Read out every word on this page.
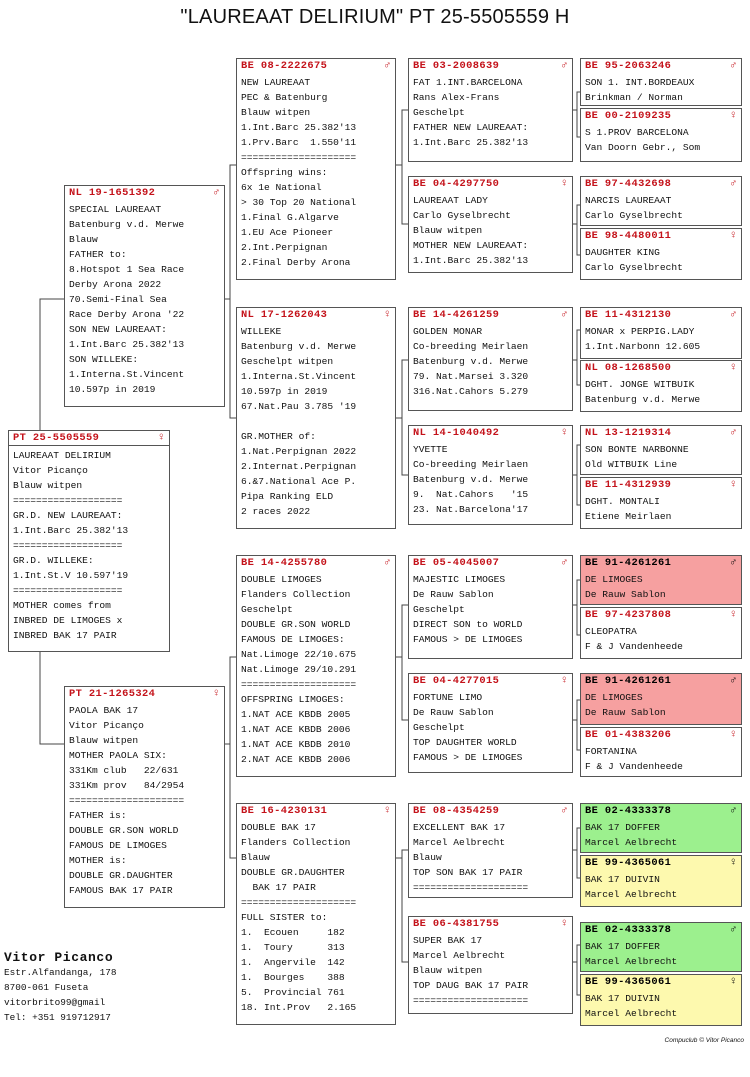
"LAUREAAT DELIRIUM" PT 25-5505559 H
PT 25-5505559	♀
LAUREAAT DELIRIUM
Vitor Picanço
Blauw witpen
===================
GR.D. NEW LAUREAAT:
1.Int.Barc 25.382'13
===================
GR.D. WILLEKE:
1.Int.St.V 10.597'19
===================
MOTHER comes from
INBRED DE LIMOGES x
INBRED BAK 17 PAIR
NL 19-1651392	♂
SPECIAL LAUREAAT
Batenburg v.d. Merwe
Blauw
FATHER to:
8.Hotspot 1 Sea Race
Derby Arona 2022
70.Semi-Final Sea
Race Derby Arona '22
SON NEW LAUREAAT:
1.Int.Barc 25.382'13
SON WILLEKE:
1.Interna.St.Vincent
10.597p in 2019
PT 21-1265324	♀
PAOLA BAK 17
Vitor Picanço
Blauw witpen
MOTHER PAOLA SIX:
331Km club   22/631
331Km prov   84/2954
====================
FATHER is:
DOUBLE GR.SON WORLD
FAMOUS DE LIMOGES
MOTHER is:
DOUBLE GR.DAUGHTER
FAMOUS BAK 17 PAIR
BE 08-2222675	♂
NEW LAUREAAT
PEC & Batenburg
Blauw witpen
1.Int.Barc 25.382'13
1.Prv.Barc  1.550'11
====================
Offspring wins:
6x 1e National
> 30 Top 20 National
1.Final G.Algarve
1.EU Ace Pioneer
2.Int.Perpignan
2.Final Derby Arona
NL 17-1262043	♀
WILLEKE
Batenburg v.d. Merwe
Geschelpt witpen
1.Interna.St.Vincent
10.597p in 2019
67.Nat.Pau 3.785 '19

GR.MOTHER of:
1.Nat.Perpignan 2022
2.Internat.Perpignan
6.&7.National Ace P.
Pipa Ranking ELD
2 races 2022
BE 14-4255780	♂
DOUBLE LIMOGES
Flanders Collection
Geschelpt
DOUBLE GR.SON WORLD
FAMOUS DE LIMOGES:
Nat.Limoge 22/10.675
Nat.Limoge 29/10.291
====================
OFFSPRING LIMOGES:
1.NAT ACE KBDB 2005
1.NAT ACE KBDB 2006
1.NAT ACE KBDB 2010
2.NAT ACE KBDB 2006
BE 16-4230131	♀
DOUBLE BAK 17
Flanders Collection
Blauw
DOUBLE GR.DAUGHTER
BAK 17 PAIR
====================
FULL SISTER to:
1.  Ecouen     182
1.  Toury      313
1.  Angervile  142
1.  Bourges    388
5.  Provincial 761
18. Int.Prov   2.165
BE 03-2008639	♂
FAT 1.INT.BARCELONA
Rans Alex-Frans
Geschelpt
FATHER NEW LAUREAAT:
1.Int.Barc 25.382'13
BE 04-4297750	♀
LAUREAAT LADY
Carlo Gyselbrecht
Blauw witpen
MOTHER NEW LAUREAAT:
1.Int.Barc 25.382'13
BE 14-4261259	♂
GOLDEN MONAR
Co-breeding Meirlaen
Batenburg v.d. Merwe
79. Nat.Marsei 3.320
316.Nat.Cahors 5.279
NL 14-1040492	♀
YVETTE
Co-breeding Meirlaen
Batenburg v.d. Merwe
9.  Nat.Cahors   '15
23. Nat.Barcelona'17
BE 05-4045007	♂
MAJESTIC LIMOGES
De Rauw Sablon
Geschelpt
DIRECT SON to WORLD
FAMOUS > DE LIMOGES
BE 04-4277015	♀
FORTUNE LIMO
De Rauw Sablon
Geschelpt
TOP DAUGHTER WORLD
FAMOUS > DE LIMOGES
BE 08-4354259	♂
EXCELLENT BAK 17
Marcel Aelbrecht
Blauw
TOP SON BAK 17 PAIR
====================
BE 06-4381755	♀
SUPER BAK 17
Marcel Aelbrecht
Blauw witpen
TOP DAUG BAK 17 PAIR
====================
BE 95-2063246	♂
SON 1. INT.BORDEAUX
Brinkman / Norman
BE 00-2109235	♀
S 1.PROV BARCELONA
Van Doorn Gebr., Som
BE 97-4432698	♂
NARCIS LAUREAAT
Carlo Gyselbrecht
BE 98-4480011	♀
DAUGHTER KING
Carlo Gyselbrecht
BE 11-4312130	♂
MONAR x PERPIG.LADY
1.Int.Narbonn 12.605
NL 08-1268500	♀
DGHT. JONGE WITBUIK
Batenburg v.d. Merwe
NL 13-1219314	♂
SON BONTE NARBONNE
Old WITBUIK Line
BE 11-4312939	♀
DGHT. MONTALI
Etiene Meirlaen
BE 91-4261261	♂
DE LIMOGES
De Rauw Sablon
BE 97-4237808	♀
CLEOPATRA
F & J Vandenheede
BE 91-4261261	♂
DE LIMOGES
De Rauw Sablon
BE 01-4383206	♀
FORTANINA
F & J Vandenheede
BE 02-4333378	♂
BAK 17 DOFFER
Marcel Aelbrecht
BE 99-4365061	♀
BAK 17 DUIVIN
Marcel Aelbrecht
BE 02-4333378	♂
BAK 17 DOFFER
Marcel Aelbrecht
BE 99-4365061	♀
BAK 17 DUIVIN
Marcel Aelbrecht
Vitor Picanco
Estr.Alfandanga, 178
8700-061 Fuseta
vitorbrito99@gmail
Tel: +351 919712917
Compuclub © Vitor Picanco
